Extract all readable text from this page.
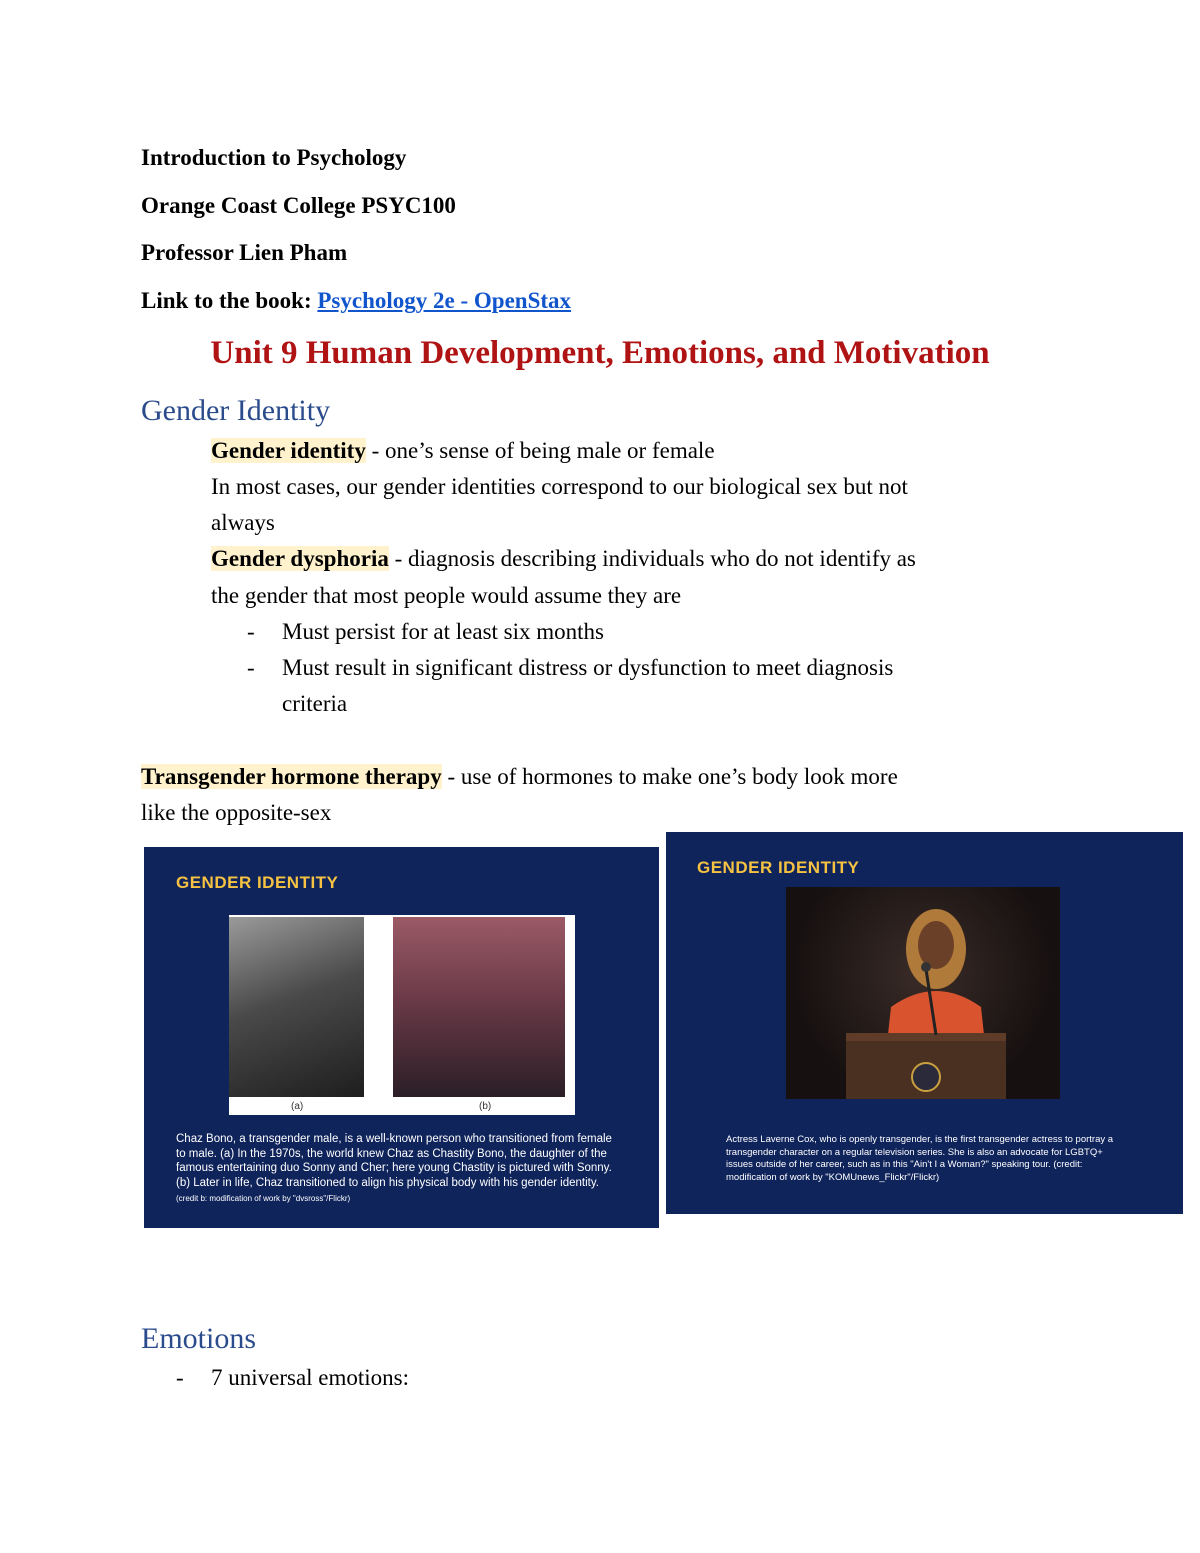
Introduction to Psychology
Orange Coast College PSYC100
Professor Lien Pham
Link to the book: Psychology 2e - OpenStax
Unit 9 Human Development, Emotions, and Motivation
Gender Identity
Gender identity - one’s sense of being male or female
In most cases, our gender identities correspond to our biological sex but not
always
Gender dysphoria - diagnosis describing individuals who do not identify as
the gender that most people would assume they are
- Must persist for at least six months
- Must result in significant distress or dysfunction to meet diagnosis
criteria
Transgender hormone therapy - use of hormones to make one’s body look more
like the opposite-sex
GENDER IDENTITY
(a)	(b)
Chaz Bono, a transgender male, is a well-known person who transitioned from female
to male. (a) In the 1970s, the world knew Chaz as Chastity Bono, the daughter of the
famous entertaining duo Sonny and Cher; here young Chastity is pictured with Sonny.
(b) Later in life, Chaz transitioned to align his physical body with his gender identity.
(credit b: modification of work by "dvsross"/Flickr)
GENDER IDENTITY
Actress Laverne Cox, who is openly transgender, is the first transgender actress to portray a
transgender character on a regular television series. She is also an advocate for LGBTQ+
issues outside of her career, such as in this "Ain't I a Woman?" speaking tour. (credit:
modification of work by "KOMUnews_Flickr"/Flickr)
Emotions
- 7 universal emotions:
